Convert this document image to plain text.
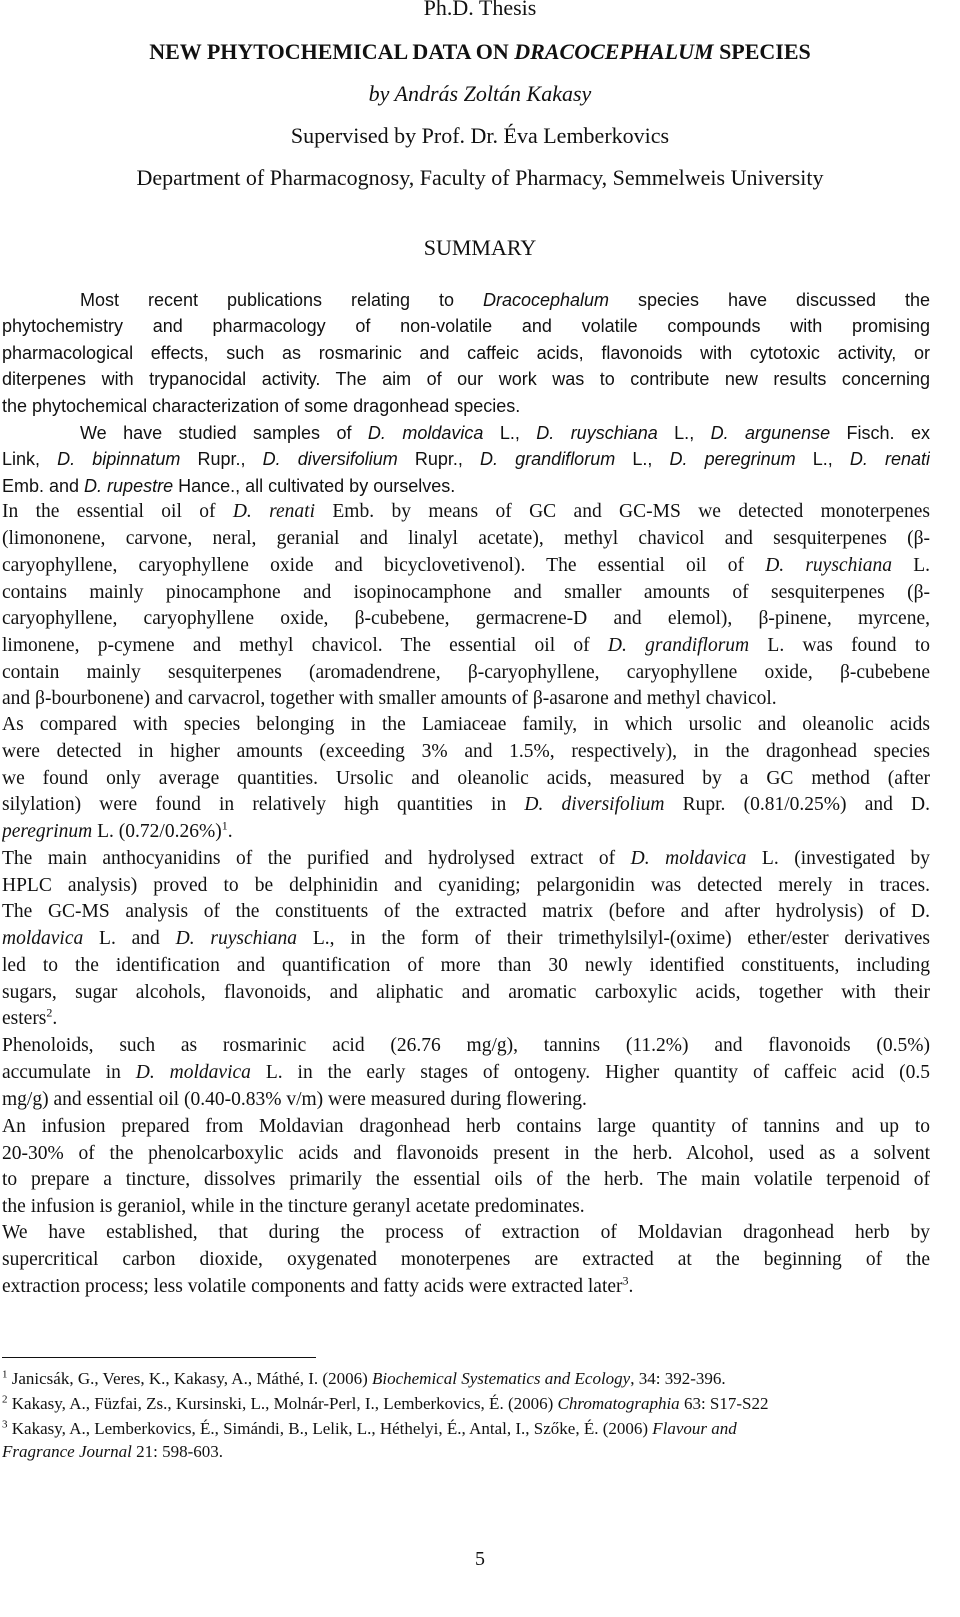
Ph.D. Thesis
NEW PHYTOCHEMICAL DATA ON DRACOCEPHALUM SPECIES
by András Zoltán Kakasy
Supervised by Prof. Dr. Éva Lemberkovics
Department of Pharmacognosy, Faculty of Pharmacy, Semmelweis University
SUMMARY
Most recent publications relating to Dracocephalum species have discussed the
phytochemistry and pharmacology of non-volatile and volatile compounds with promising
pharmacological effects, such as rosmarinic and caffeic acids, flavonoids with cytotoxic activity, or
diterpenes with trypanocidal activity. The aim of our work was to contribute new results concerning
the phytochemical characterization of some dragonhead species.
We have studied samples of D. moldavica L., D. ruyschiana L., D. argunense Fisch. ex
Link, D. bipinnatum Rupr., D. diversifolium Rupr., D. grandiflorum L., D. peregrinum L., D. renati
Emb. and D. rupestre Hance., all cultivated by ourselves.
In the essential oil of D. renati Emb. by means of GC and GC-MS we detected monoterpenes
(limononene, carvone, neral, geranial and linalyl acetate), methyl chavicol and sesquiterpenes (β-
caryophyllene, caryophyllene oxide and bicyclovetivenol). The essential oil of D. ruyschiana L.
contains mainly pinocamphone and isopinocamphone and smaller amounts of sesquiterpenes (β-
caryophyllene, caryophyllene oxide, β-cubebene, germacrene-D and elemol), β-pinene, myrcene,
limonene, p-cymene and methyl chavicol. The essential oil of D. grandiflorum L. was found to
contain mainly sesquiterpenes (aromadendrene, β-caryophyllene, caryophyllene oxide, β-cubebene
and β-bourbonene) and carvacrol, together with smaller amounts of β-asarone and methyl chavicol.
As compared with species belonging in the Lamiaceae family, in which ursolic and oleanolic acids
were detected in higher amounts (exceeding 3% and 1.5%, respectively), in the dragonhead species
we found only average quantities. Ursolic and oleanolic acids, measured by a GC method (after
silylation) were found in relatively high quantities in D. diversifolium Rupr. (0.81/0.25%) and D.
peregrinum L. $(0.72/0.26\%)^1$.
The main anthocyanidins of the purified and hydrolysed extract of D. moldavica L. (investigated by
HPLC analysis) proved to be delphinidin and cyaniding; pelargonidin was detected merely in traces.
The GC-MS analysis of the constituents of the extracted matrix (before and after hydrolysis) of D.
moldavica L. and D. ruyschiana L., in the form of their trimethylsilyl-(oxime) ether/ester derivatives
led to the identification and quantification of more than 30 newly identified constituents, including
sugars, sugar alcohols, flavonoids, and aliphatic and aromatic carboxylic acids, together with their
esters$^2$.
Phenoloids, such as rosmarinic acid (26.76 mg/g), tannins (11.2%) and flavonoids (0.5%)
accumulate in D. moldavica L. in the early stages of ontogeny. Higher quantity of caffeic acid (0.5
mg/g) and essential oil (0.40-0.83% v/m) were measured during flowering.
An infusion prepared from Moldavian dragonhead herb contains large quantity of tannins and up to
20-30% of the phenolcarboxylic acids and flavonoids present in the herb. Alcohol, used as a solvent
to prepare a tincture, dissolves primarily the essential oils of the herb. The main volatile terpenoid of
the infusion is geraniol, while in the tincture geranyl acetate predominates.
We have established, that during the process of extraction of Moldavian dragonhead herb by
supercritical carbon dioxide, oxygenated monoterpenes are extracted at the beginning of the
extraction process; less volatile components and fatty acids were extracted later$^3$.
$^1$ Janicsák, G., Veres, K., Kakasy, A., Máthé, I. (2006) Biochemical Systematics and Ecology, 34: 392-396.
$^2$ Kakasy, A., Füzfai, Zs., Kursinski, L., Molnár-Perl, I., Lemberkovics, É. (2006) Chromatographia 63: S17-S22
$^3$ Kakasy, A., Lemberkovics, É., Simándi, B., Lelik, L., Héthelyi, É., Antal, I., Szőke, É. (2006) Flavour and
Fragrance Journal 21: 598-603.
5
